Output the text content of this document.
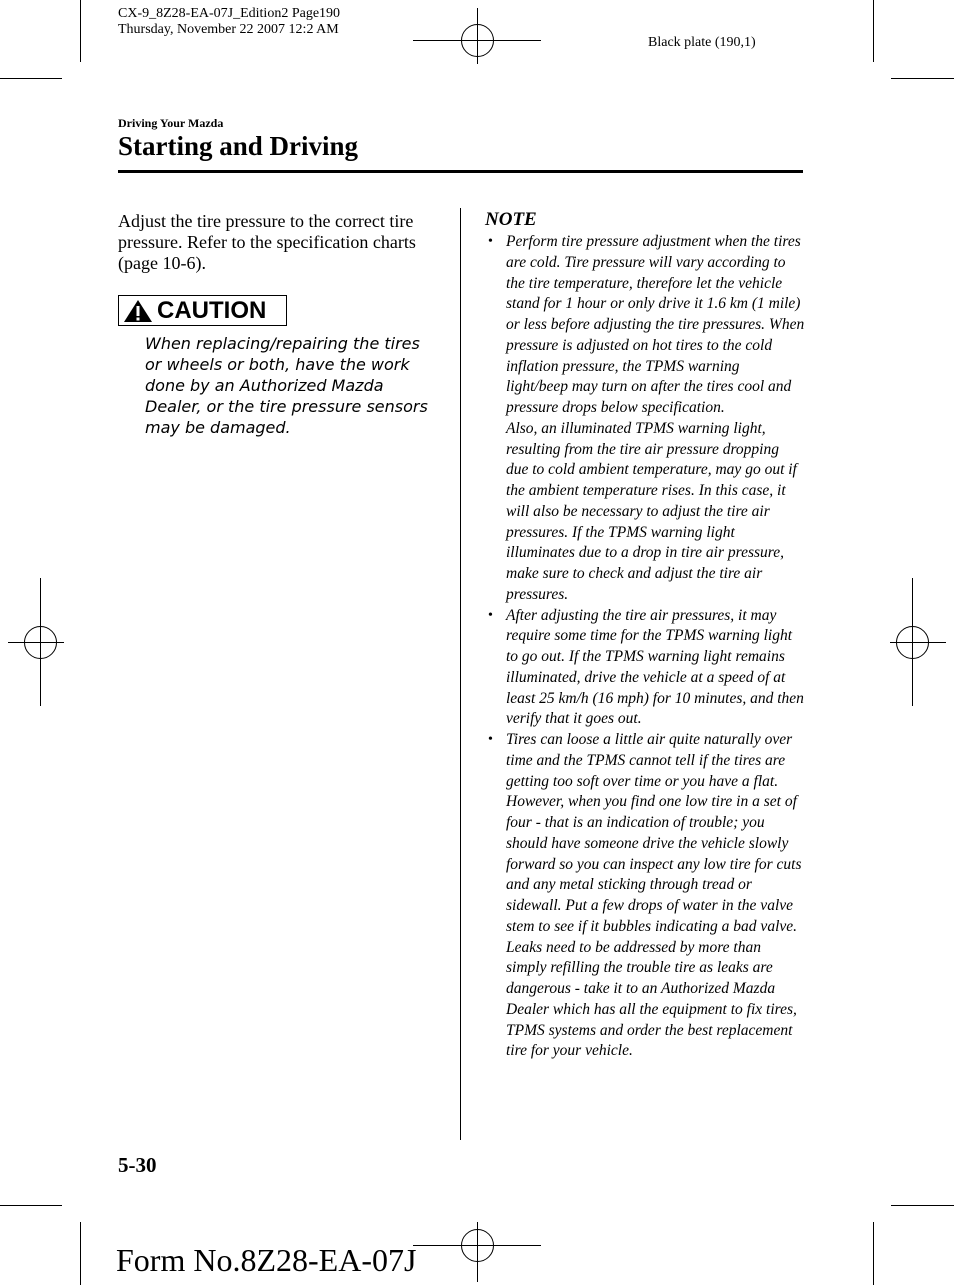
CX-9_8Z28-EA-07J_Edition2 Page190
Thursday, November 22 2007 12:2 AM
Black plate (190,1)
Driving Your Mazda
Starting and Driving
Adjust the tire pressure to the correct tire pressure. Refer to the specification charts (page 10-6).
CAUTION
When replacing/repairing the tires or wheels or both, have the work done by an Authorized Mazda Dealer, or the tire pressure sensors may be damaged.
NOTE
• Perform tire pressure adjustment when the tires are cold. Tire pressure will vary according to the tire temperature, therefore let the vehicle stand for 1 hour or only drive it 1.6 km (1 mile) or less before adjusting the tire pressures. When pressure is adjusted on hot tires to the cold inflation pressure, the TPMS warning light/beep may turn on after the tires cool and pressure drops below specification.
Also, an illuminated TPMS warning light, resulting from the tire air pressure dropping due to cold ambient temperature, may go out if the ambient temperature rises. In this case, it will also be necessary to adjust the tire air pressures. If the TPMS warning light illuminates due to a drop in tire air pressure, make sure to check and adjust the tire air pressures.
• After adjusting the tire air pressures, it may require some time for the TPMS warning light to go out. If the TPMS warning light remains illuminated, drive the vehicle at a speed of at least 25 km/h (16 mph) for 10 minutes, and then verify that it goes out.
• Tires can loose a little air quite naturally over time and the TPMS cannot tell if the tires are getting too soft over time or you have a flat. However, when you find one low tire in a set of four - that is an indication of trouble; you should have someone drive the vehicle slowly forward so you can inspect any low tire for cuts and any metal sticking through tread or sidewall. Put a few drops of water in the valve stem to see if it bubbles indicating a bad valve. Leaks need to be addressed by more than simply refilling the trouble tire as leaks are dangerous - take it to an Authorized Mazda Dealer which has all the equipment to fix tires, TPMS systems and order the best replacement tire for your vehicle.
5-30
Form No.8Z28-EA-07J
